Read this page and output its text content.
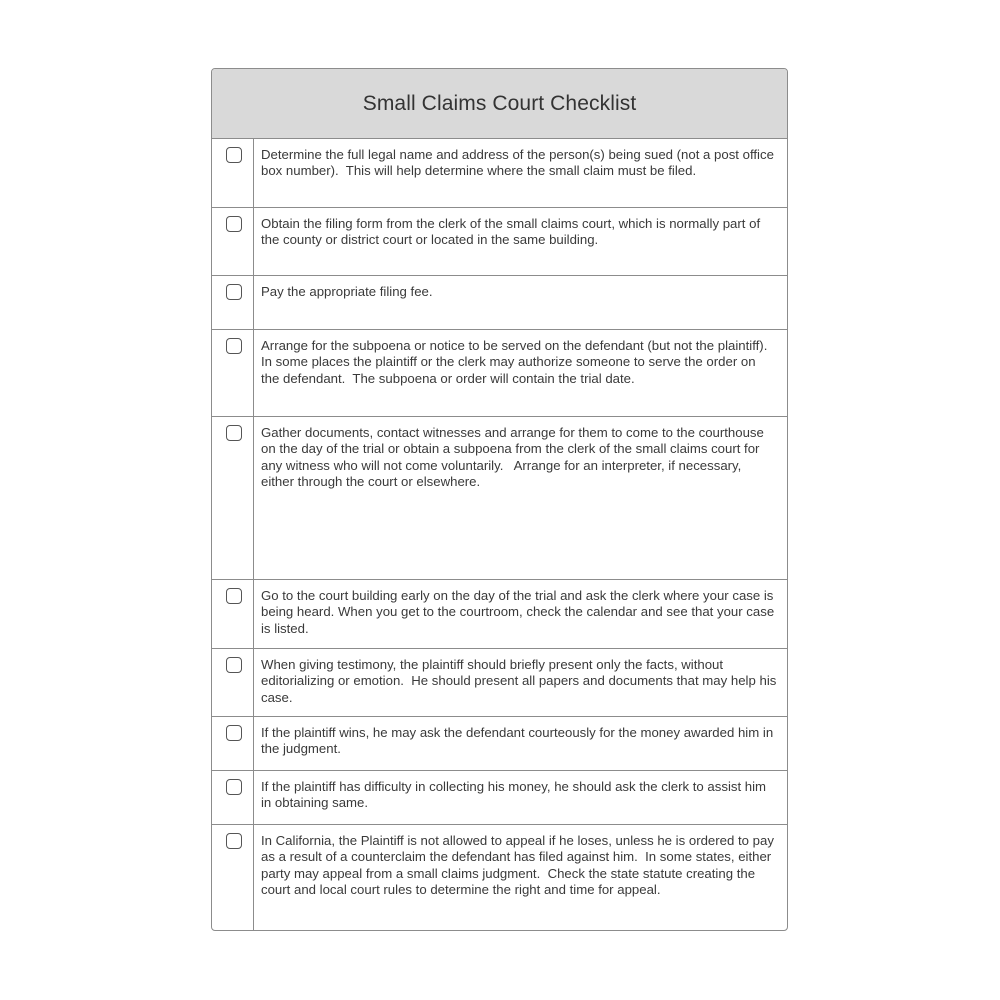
Small Claims Court Checklist
Determine the full legal name and address of the person(s) being sued (not a post office box number).  This will help determine where the small claim must be filed.
Obtain the filing form from the clerk of the small claims court, which is normally part of the county or district court or located in the same building.
Pay the appropriate filing fee.
Arrange for the subpoena or notice to be served on the defendant (but not the plaintiff). In some places the plaintiff or the clerk may authorize someone to serve the order on the defendant.  The subpoena or order will contain the trial date.
Gather documents, contact witnesses and arrange for them to come to the courthouse on the day of the trial or obtain a subpoena from the clerk of the small claims court for any witness who will not come voluntarily.   Arrange for an interpreter, if necessary, either through the court or elsewhere.
Go to the court building early on the day of the trial and ask the clerk where your case is being heard. When you get to the courtroom, check the calendar and see that your case is listed.
When giving testimony, the plaintiff should briefly present only the facts, without editorializing or emotion.  He should present all papers and documents that may help his case.
If the plaintiff wins, he may ask the defendant courteously for the money awarded him in the judgment.
If the plaintiff has difficulty in collecting his money, he should ask the clerk to assist him in obtaining same.
In California, the Plaintiff is not allowed to appeal if he loses, unless he is ordered to pay as a result of a counterclaim the defendant has filed against him.  In some states, either party may appeal from a small claims judgment.  Check the state statute creating the court and local court rules to determine the right and time for appeal.
